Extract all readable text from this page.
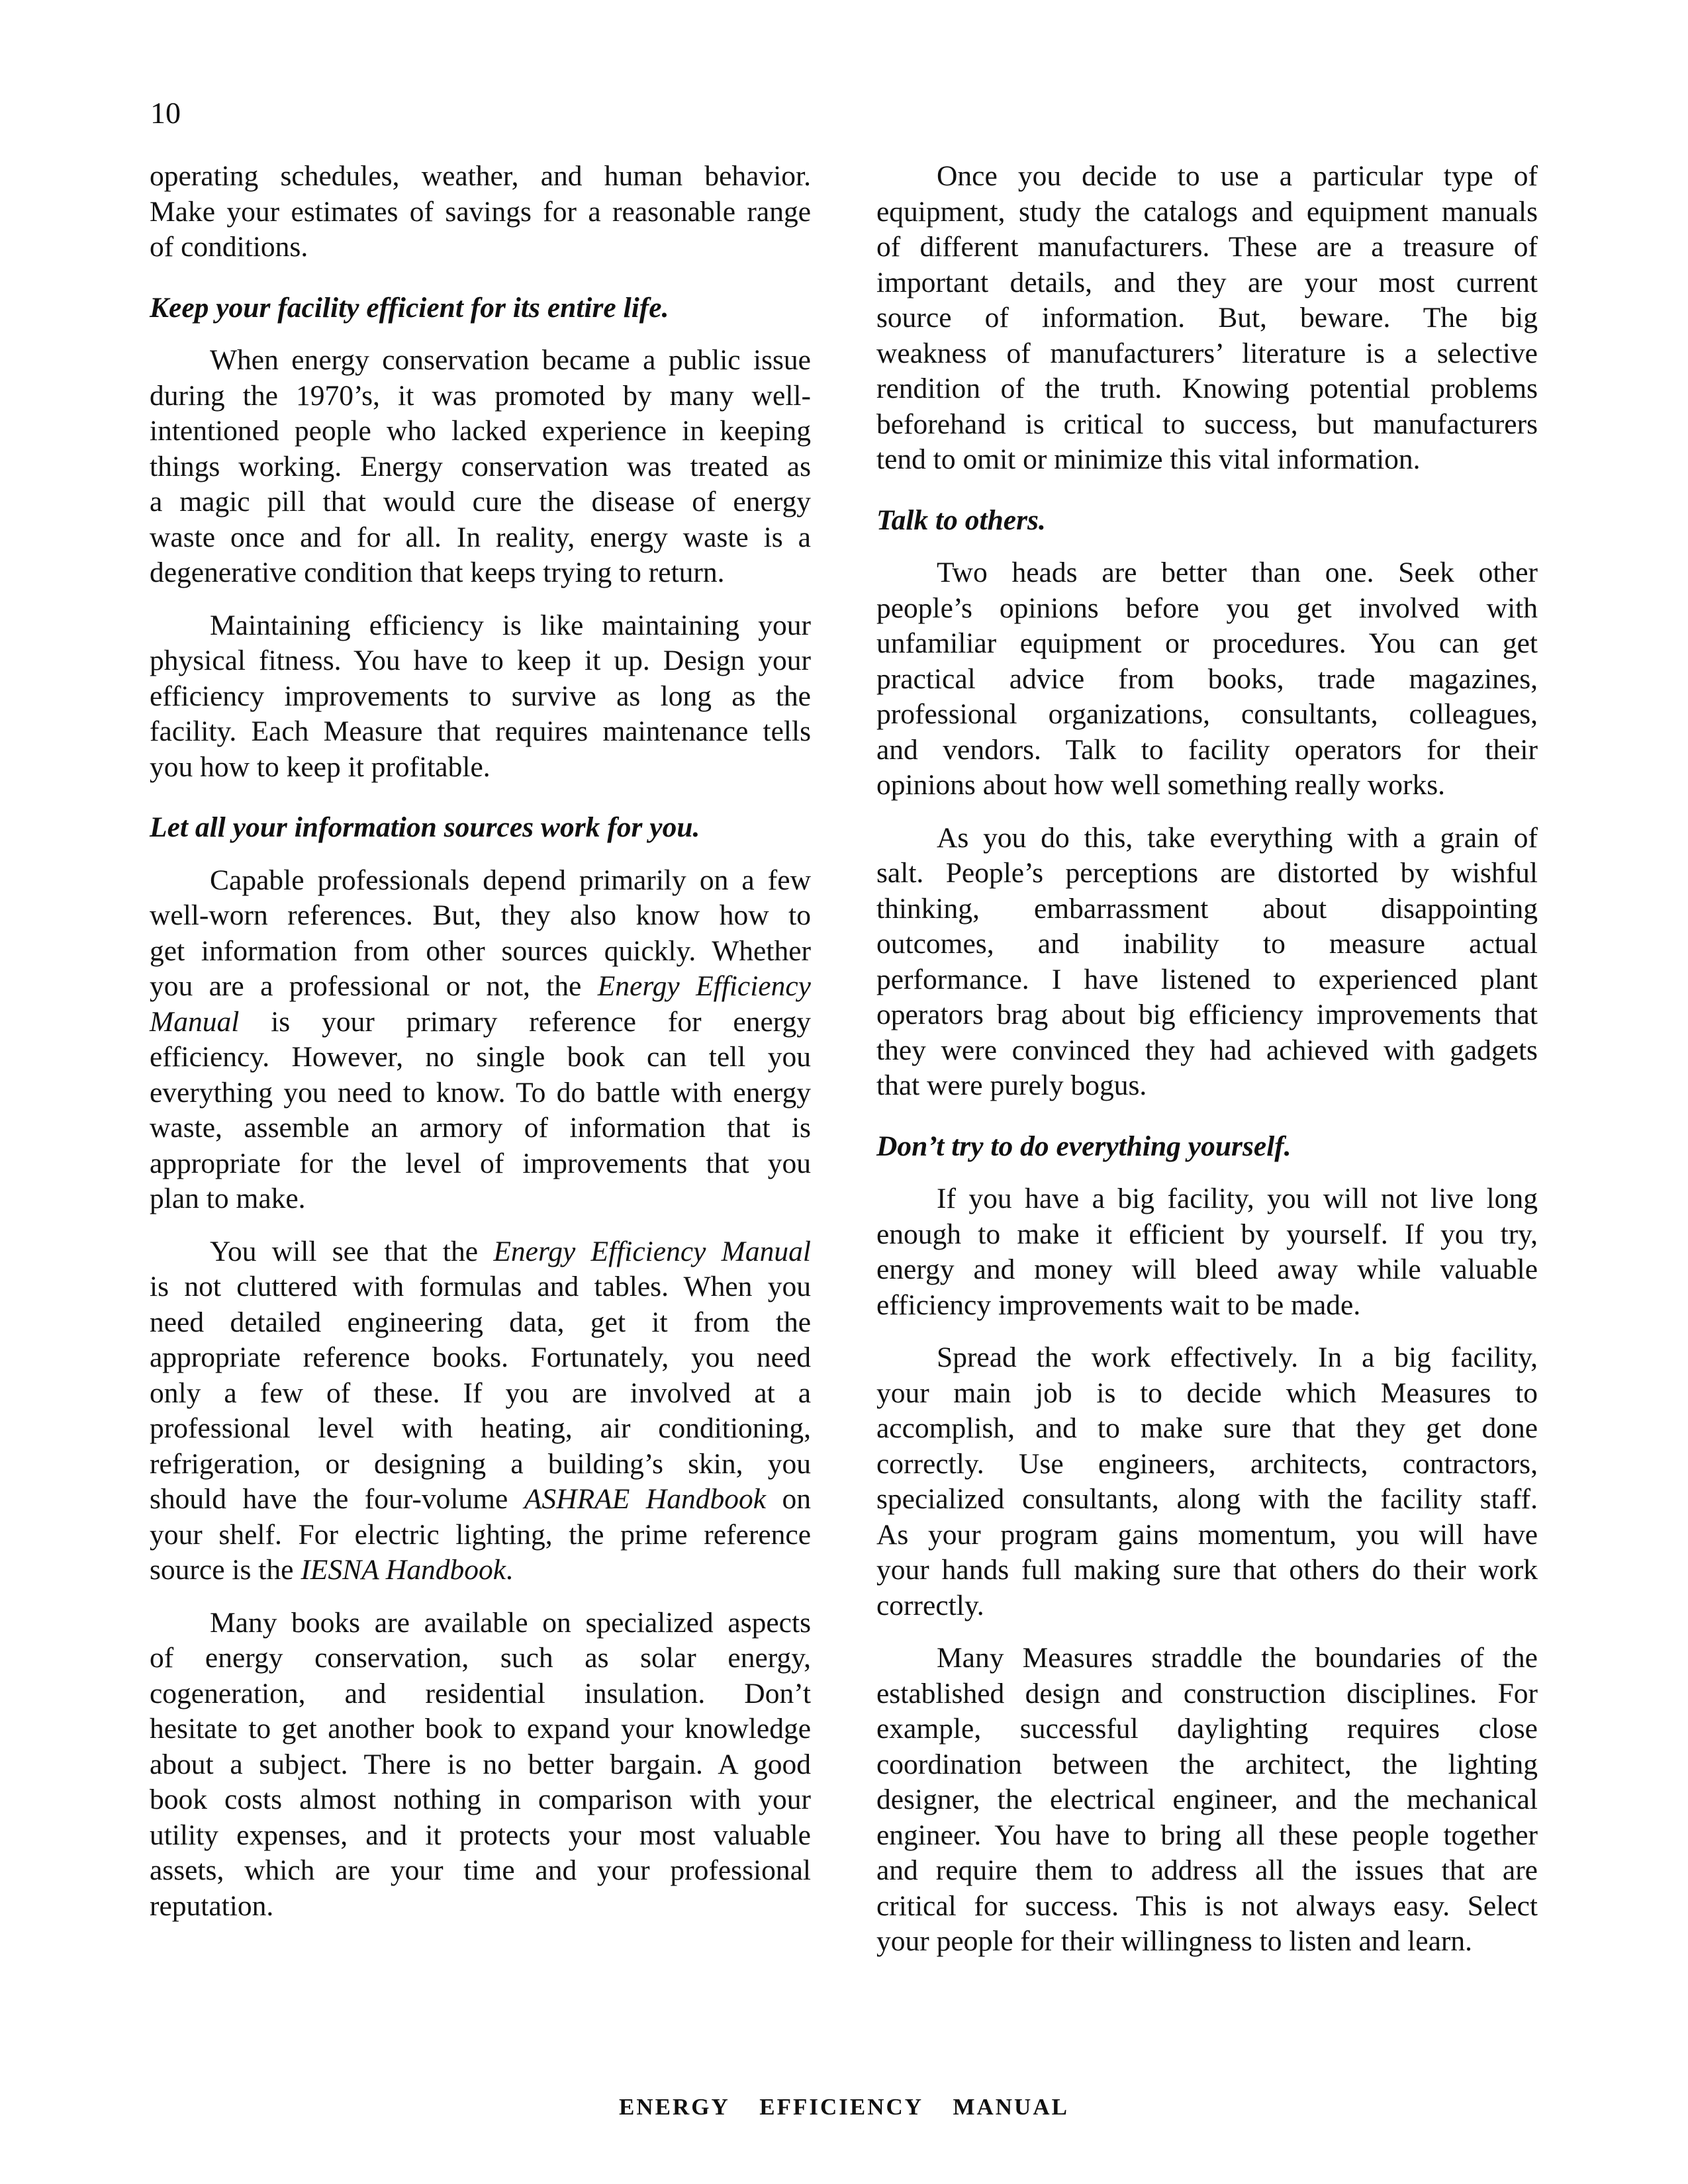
10
operating schedules, weather, and human behavior.
Make your estimates of savings for a reasonable range
of conditions.
Keep your facility efficient for its entire life.
When energy conservation became a public issue
during the 1970’s, it was promoted by many well-
intentioned people who lacked experience in keeping
things working. Energy conservation was treated as
a magic pill that would cure the disease of energy
waste once and for all. In reality, energy waste is a
degenerative condition that keeps trying to return.
Maintaining efficiency is like maintaining your
physical fitness. You have to keep it up. Design your
efficiency improvements to survive as long as the
facility. Each Measure that requires maintenance tells
you how to keep it profitable.
Let all your information sources work for you.
Capable professionals depend primarily on a few
well-worn references. But, they also know how to
get information from other sources quickly. Whether
you are a professional or not, the Energy Efficiency
Manual is your primary reference for energy
efficiency. However, no single book can tell you
everything you need to know. To do battle with energy
waste, assemble an armory of information that is
appropriate for the level of improvements that you
plan to make.
You will see that the Energy Efficiency Manual
is not cluttered with formulas and tables. When you
need detailed engineering data, get it from the
appropriate reference books. Fortunately, you need
only a few of these. If you are involved at a
professional level with heating, air conditioning,
refrigeration, or designing a building’s skin, you
should have the four-volume ASHRAE Handbook on
your shelf. For electric lighting, the prime reference
source is the IESNA Handbook.
Many books are available on specialized aspects
of energy conservation, such as solar energy,
cogeneration, and residential insulation. Don’t
hesitate to get another book to expand your knowledge
about a subject. There is no better bargain. A good
book costs almost nothing in comparison with your
utility expenses, and it protects your most valuable
assets, which are your time and your professional
reputation.
Once you decide to use a particular type of
equipment, study the catalogs and equipment manuals
of different manufacturers. These are a treasure of
important details, and they are your most current
source of information. But, beware. The big
weakness of manufacturers’ literature is a selective
rendition of the truth. Knowing potential problems
beforehand is critical to success, but manufacturers
tend to omit or minimize this vital information.
Talk to others.
Two heads are better than one. Seek other
people’s opinions before you get involved with
unfamiliar equipment or procedures. You can get
practical advice from books, trade magazines,
professional organizations, consultants, colleagues,
and vendors. Talk to facility operators for their
opinions about how well something really works.
As you do this, take everything with a grain of
salt. People’s perceptions are distorted by wishful
thinking, embarrassment about disappointing
outcomes, and inability to measure actual
performance. I have listened to experienced plant
operators brag about big efficiency improvements that
they were convinced they had achieved with gadgets
that were purely bogus.
Don’t try to do everything yourself.
If you have a big facility, you will not live long
enough to make it efficient by yourself. If you try,
energy and money will bleed away while valuable
efficiency improvements wait to be made.
Spread the work effectively. In a big facility,
your main job is to decide which Measures to
accomplish, and to make sure that they get done
correctly. Use engineers, architects, contractors,
specialized consultants, along with the facility staff.
As your program gains momentum, you will have
your hands full making sure that others do their work
correctly.
Many Measures straddle the boundaries of the
established design and construction disciplines. For
example, successful daylighting requires close
coordination between the architect, the lighting
designer, the electrical engineer, and the mechanical
engineer. You have to bring all these people together
and require them to address all the issues that are
critical for success. This is not always easy. Select
your people for their willingness to listen and learn.
ENERGY EFFICIENCY MANUAL
